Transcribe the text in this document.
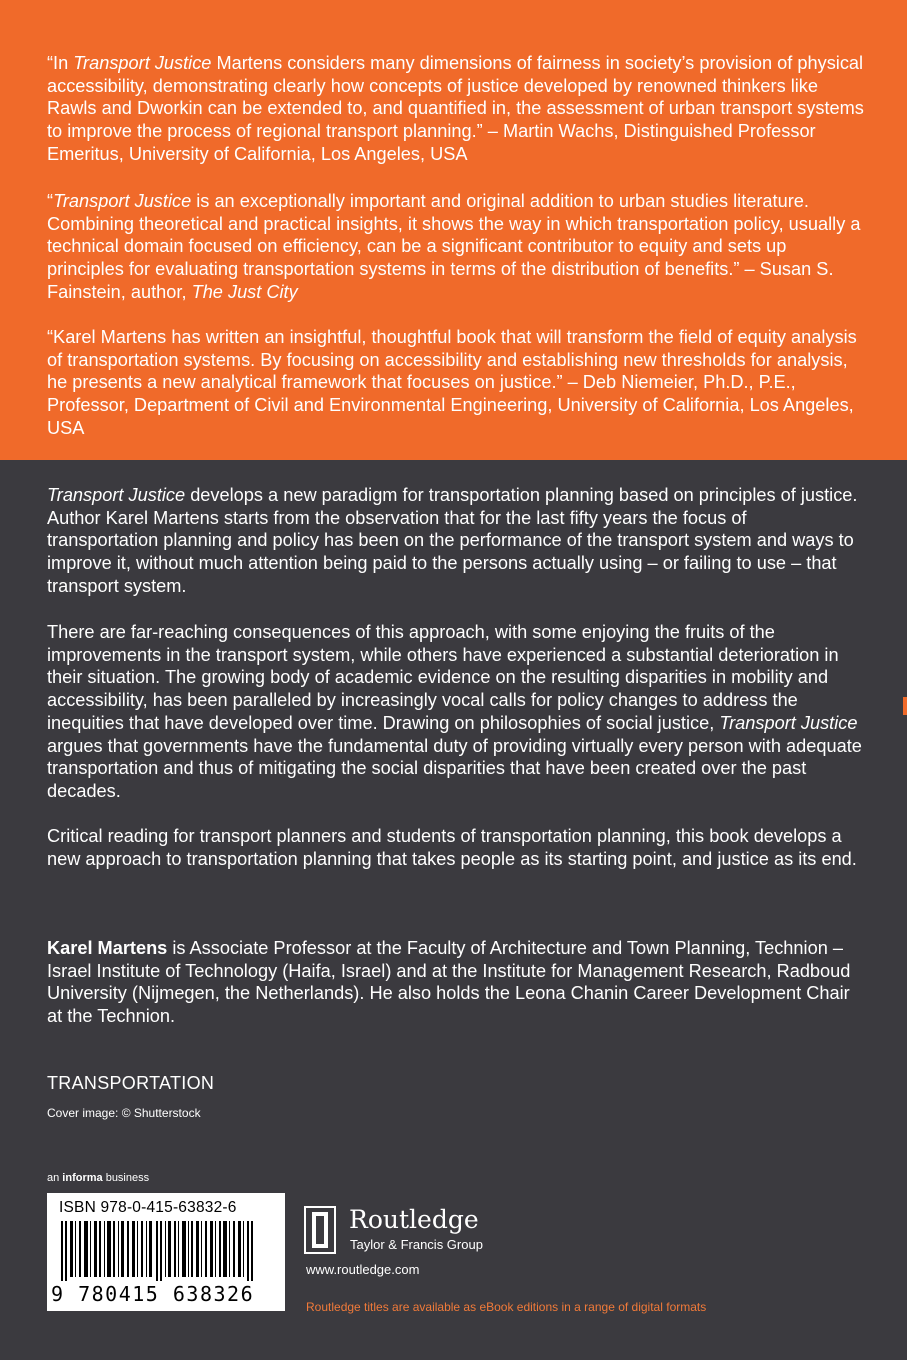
“In Transport Justice Martens considers many dimensions of fairness in society’s provision of physical accessibility, demonstrating clearly how concepts of justice developed by renowned thinkers like Rawls and Dworkin can be extended to, and quantified in, the assessment of urban transport systems to improve the process of regional transport planning.” – Martin Wachs, Distinguished Professor Emeritus, University of California, Los Angeles, USA
“Transport Justice is an exceptionally important and original addition to urban studies literature. Combining theoretical and practical insights, it shows the way in which transportation policy, usually a technical domain focused on efficiency, can be a significant contributor to equity and sets up principles for evaluating transportation systems in terms of the distribution of benefits.” – Susan S. Fainstein, author, The Just City
“Karel Martens has written an insightful, thoughtful book that will transform the field of equity analysis of transportation systems. By focusing on accessibility and establishing new thresholds for analysis, he presents a new analytical framework that focuses on justice.” – Deb Niemeier, Ph.D., P.E., Professor, Department of Civil and Environmental Engineering, University of California, Los Angeles, USA
Transport Justice develops a new paradigm for transportation planning based on principles of justice. Author Karel Martens starts from the observation that for the last fifty years the focus of transportation planning and policy has been on the performance of the transport system and ways to improve it, without much attention being paid to the persons actually using – or failing to use – that transport system.
There are far-reaching consequences of this approach, with some enjoying the fruits of the improvements in the transport system, while others have experienced a substantial deterioration in their situation. The growing body of academic evidence on the resulting disparities in mobility and accessibility, has been paralleled by increasingly vocal calls for policy changes to address the inequities that have developed over time. Drawing on philosophies of social justice, Transport Justice argues that governments have the fundamental duty of providing virtually every person with adequate transportation and thus of mitigating the social disparities that have been created over the past decades.
Critical reading for transport planners and students of transportation planning, this book develops a new approach to transportation planning that takes people as its starting point, and justice as its end.
Karel Martens is Associate Professor at the Faculty of Architecture and Town Planning, Technion – Israel Institute of Technology (Haifa, Israel) and at the Institute for Management Research, Radboud University (Nijmegen, the Netherlands). He also holds the Leona Chanin Career Development Chair at the Technion.
TRANSPORTATION
Cover image: © Shutterstock
an informa business
ISBN 978-0-415-63832-6
9 780415 638326
Routledge
Taylor & Francis Group
www.routledge.com
Routledge titles are available as eBook editions in a range of digital formats
